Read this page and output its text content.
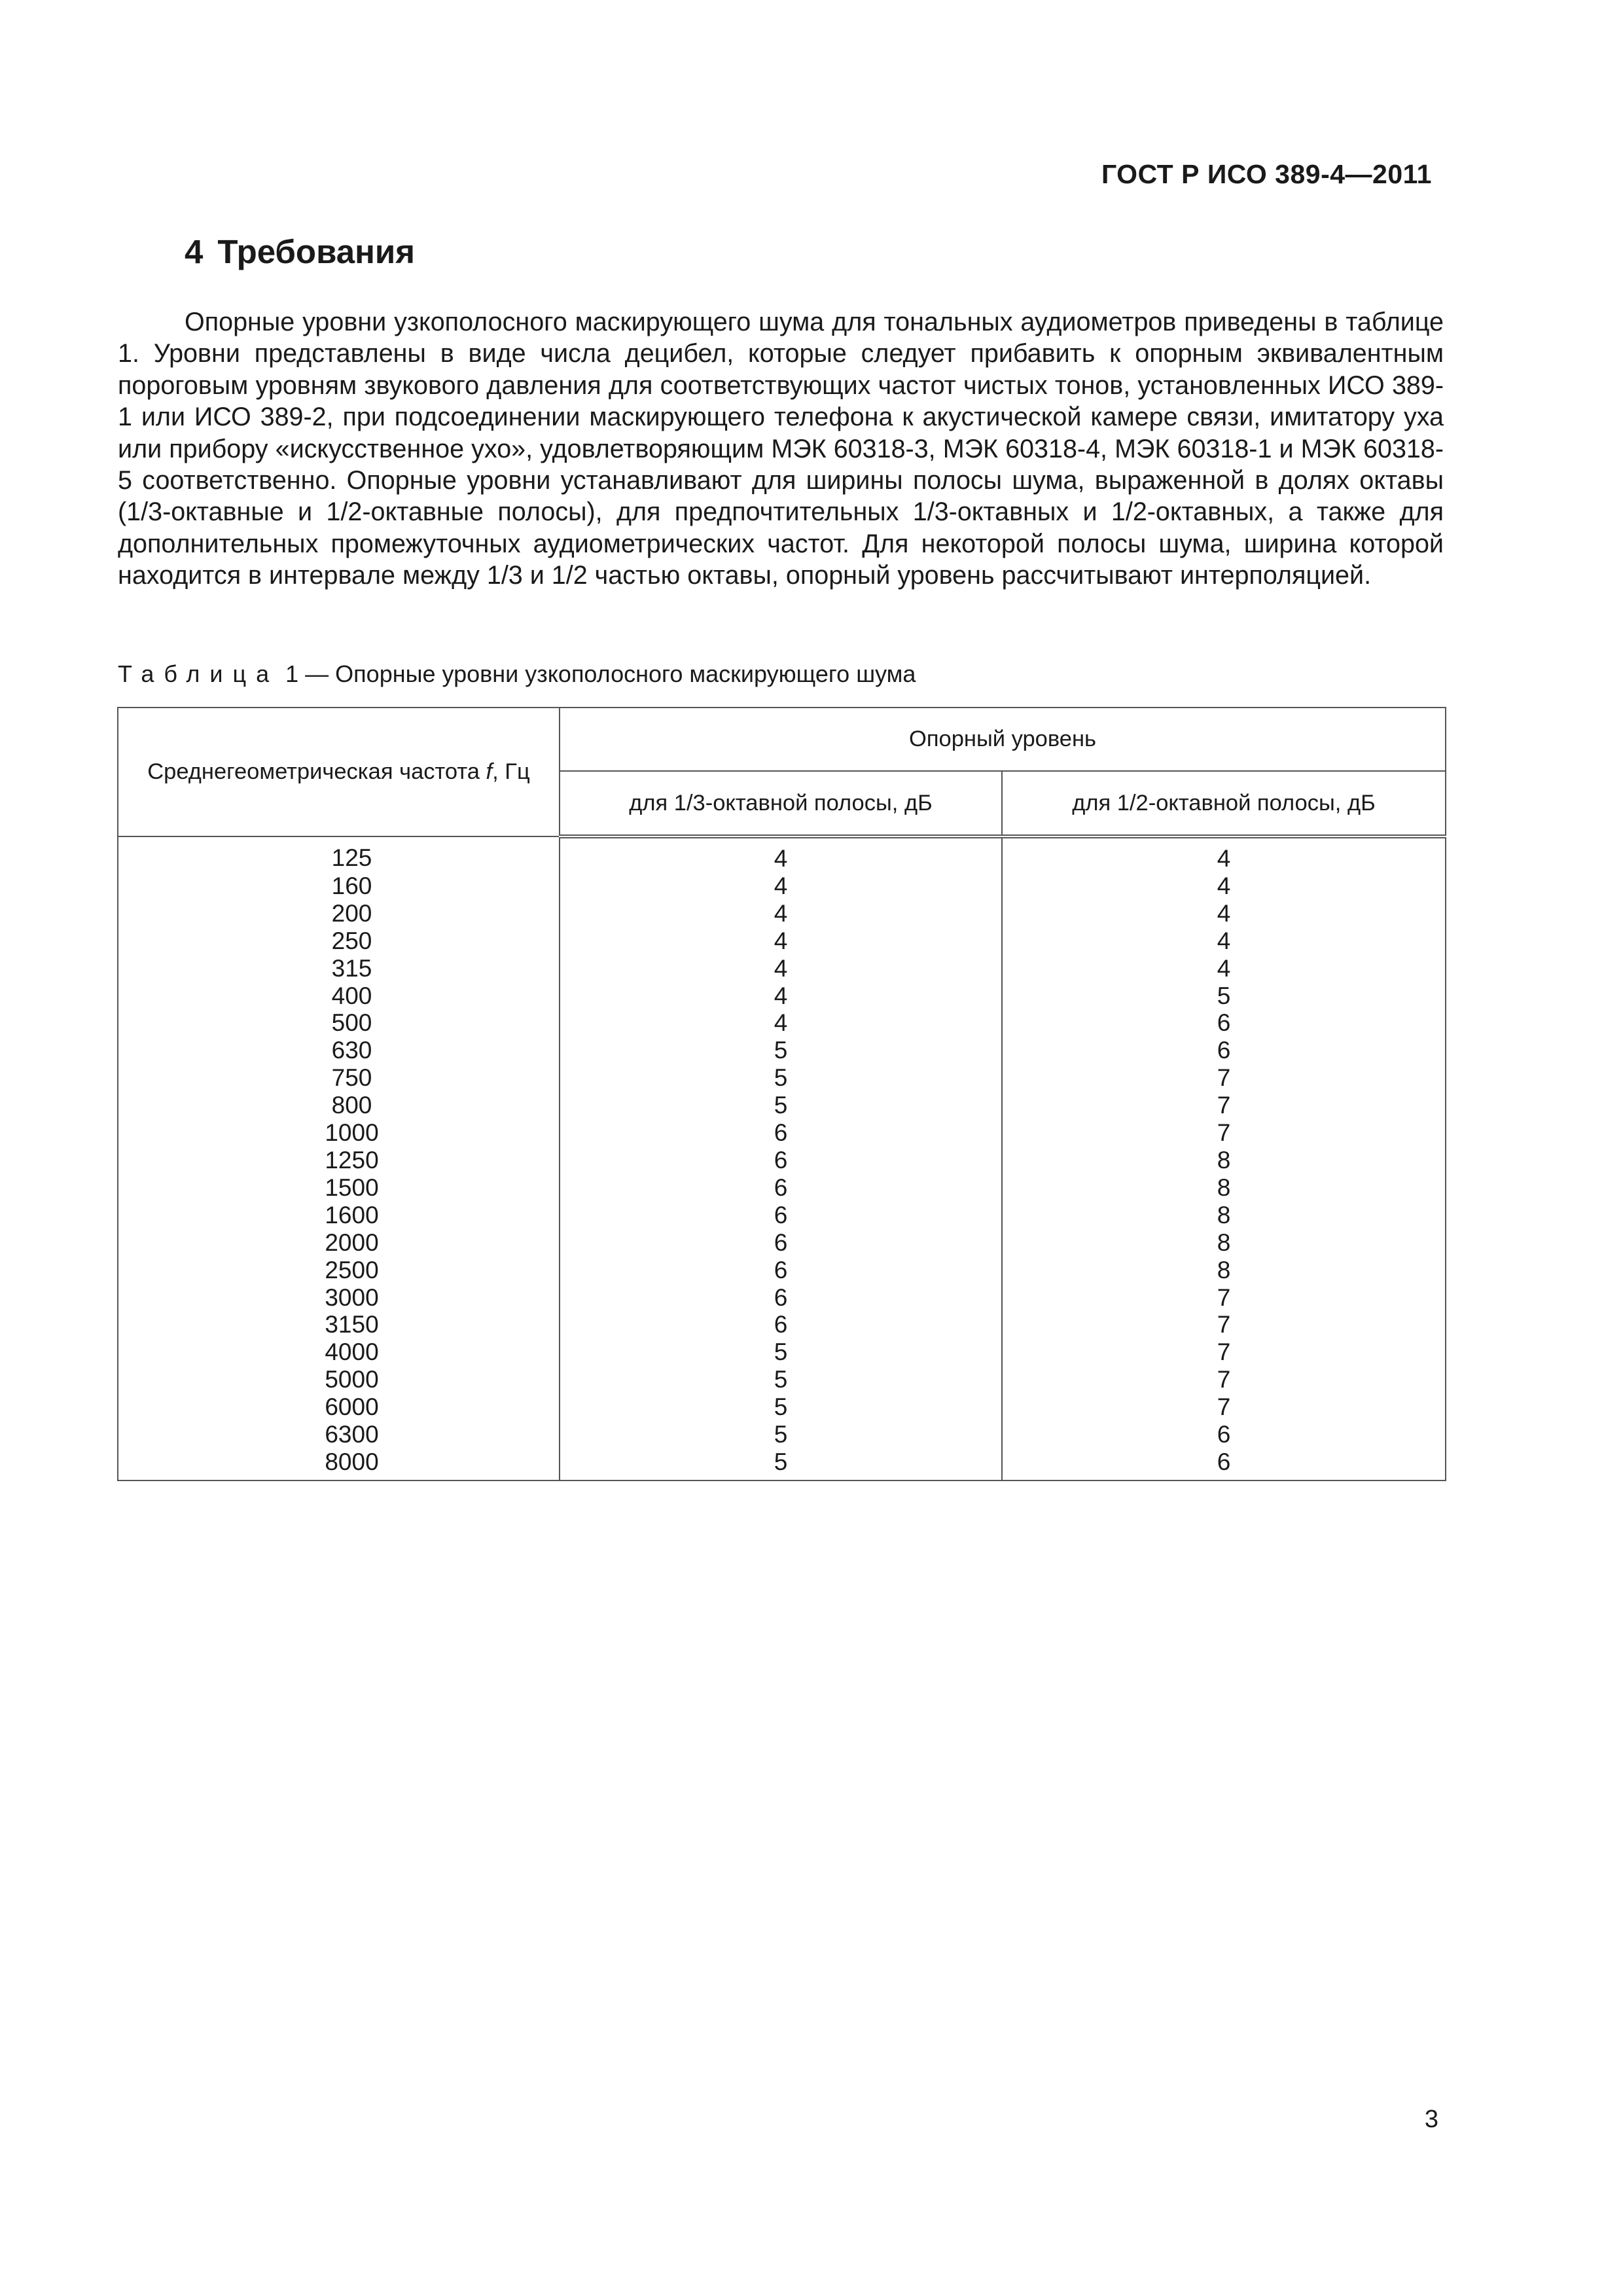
ГОСТ Р ИСО 389-4—2011
4 Требования

Опорные уровни узкополосного маскирующего шума для тональных аудиометров приведены в таблице 1. Уровни представлены в виде числа децибел, которые следует прибавить к опорным эквивалентным пороговым уровням звукового давления для соответствующих частот чистых тонов, установленных ИСО 389-1 или ИСО 389-2, при подсоединении маскирующего телефона к акустической камере связи, имитатору уха или прибору «искусственное ухо», удовлетворяющим МЭК 60318-3, МЭК 60318-4, МЭК 60318-1 и МЭК 60318-5 соответственно. Опорные уровни устанавливают для ширины полосы шума, выраженной в долях октавы (1/3-октавные и 1/2-октавные полосы), для предпочтительных 1/3-октавных и 1/2-октавных, а также для дополнительных промежуточных аудиометрических частот. Для некоторой полосы шума, ширина которой находится в интервале между 1/3 и 1/2 частью октавы, опорный уровень рассчитывают интерполяцией.

Таблица 1 — Опорные уровни узкополосного маскирующего шума

Среднегеометрическая частота f, Гц	Опорный уровень	
	для 1/3-октавной полосы, дБ	для 1/2-октавной полосы, дБ
125	4	4
160	4	4
200	4	4
250	4	4
315	4	4
400	4	5
500	4	6
630	5	6
750	5	7
800	5	7
1000	6	7
1250	6	8
1500	6	8
1600	6	8
2000	6	8
2500	6	8
3000	6	7
3150	6	7
4000	5	7
5000	5	7
6000	5	7
6300	5	6
8000	5	6
3
